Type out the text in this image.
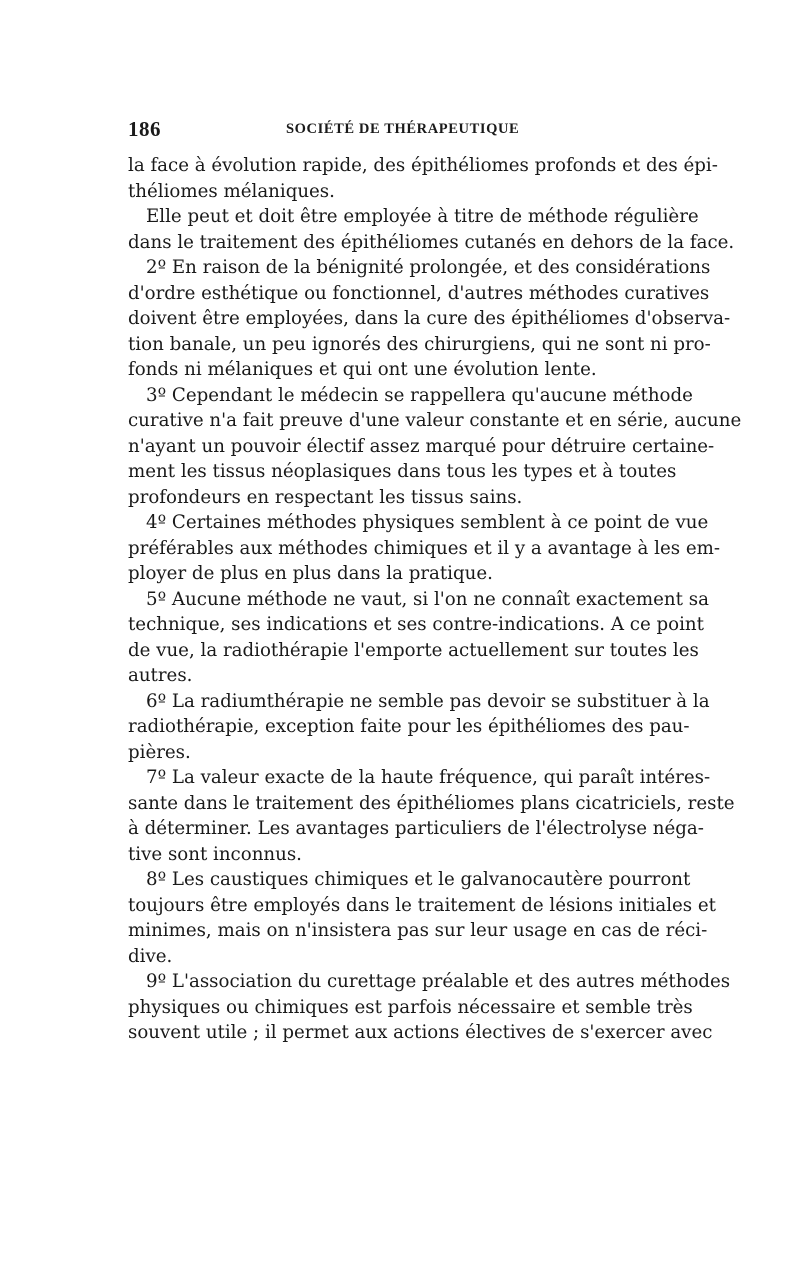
186	SOCIÉTÉ DE THÉRAPEUTIQUE
la face à évolution rapide, des épithéliomes profonds et des épi-
théliomes mélaniques.
Elle peut et doit être employée à titre de méthode régulière
dans le traitement des épithéliomes cutanés en dehors de la face.
2º En raison de la bénignité prolongée, et des considérations
d'ordre esthétique ou fonctionnel, d'autres méthodes curatives
doivent être employées, dans la cure des épithéliomes d'observa-
tion banale, un peu ignorés des chirurgiens, qui ne sont ni pro-
fonds ni mélaniques et qui ont une évolution lente.
3º Cependant le médecin se rappellera qu'aucune méthode
curative n'a fait preuve d'une valeur constante et en série, aucune
n'ayant un pouvoir électif assez marqué pour détruire certaine-
ment les tissus néoplasiques dans tous les types et à toutes
profondeurs en respectant les tissus sains.
4º Certaines méthodes physiques semblent à ce point de vue
préférables aux méthodes chimiques et il y a avantage à les em-
ployer de plus en plus dans la pratique.
5º Aucune méthode ne vaut, si l'on ne connaît exactement sa
technique, ses indications et ses contre-indications. A ce point
de vue, la radiothérapie l'emporte actuellement sur toutes les
autres.
6º La radiumthérapie ne semble pas devoir se substituer à la
radiothérapie, exception faite pour les épithéliomes des pau-
pières.
7º La valeur exacte de la haute fréquence, qui paraît intéres-
sante dans le traitement des épithéliomes plans cicatriciels, reste
à déterminer. Les avantages particuliers de l'électrolyse néga-
tive sont inconnus.
8º Les caustiques chimiques et le galvanocautère pourront
toujours être employés dans le traitement de lésions initiales et
minimes, mais on n'insistera pas sur leur usage en cas de réci-
dive.
9º L'association du curettage préalable et des autres méthodes
physiques ou chimiques est parfois nécessaire et semble très
souvent utile ; il permet aux actions électives de s'exercer avec
